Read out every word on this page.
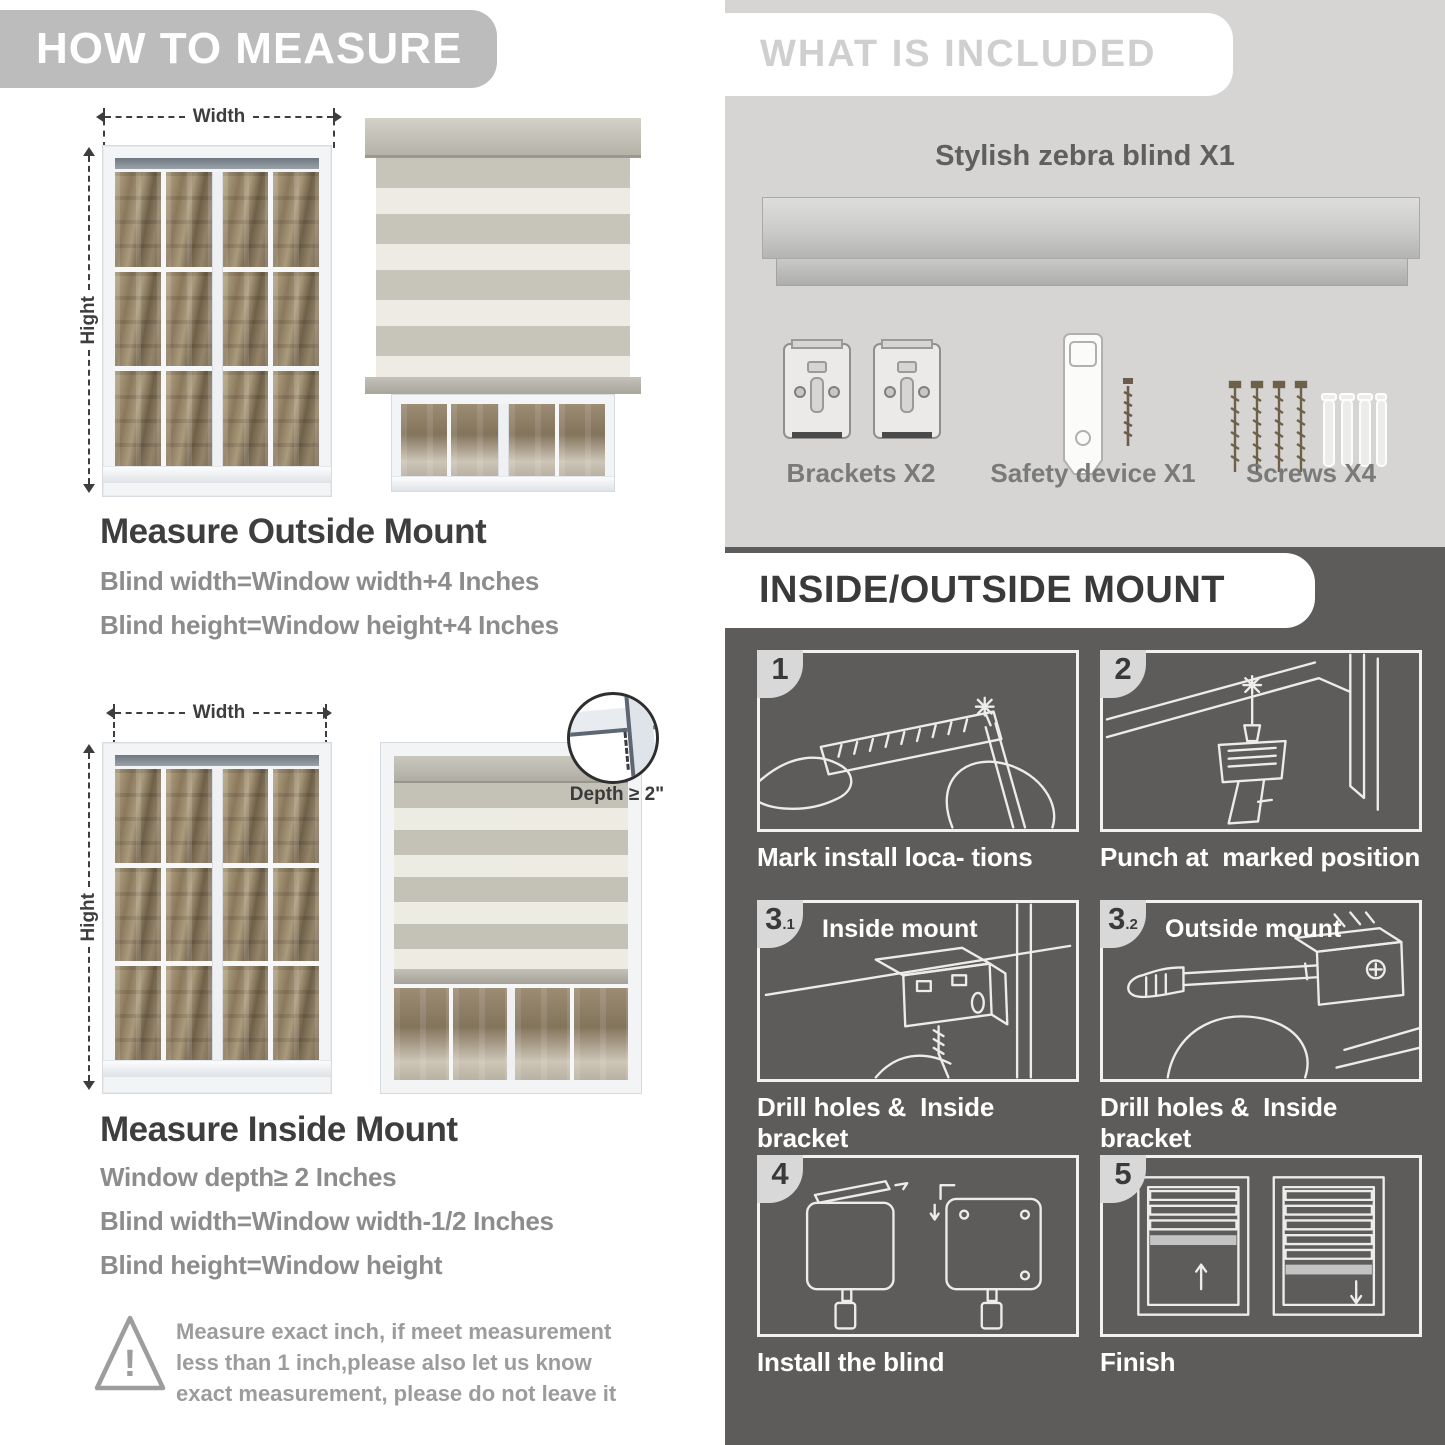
HOW TO MEASURE
Width
Hight
Measure Outside Mount
Blind width=Window width+4 Inches
Blind height=Window height+4 Inches
Width
Hight
Depth ≥ 2"
Measure Inside Mount
Window depth≥ 2 Inches
Blind width=Window width-1/2 Inches
Blind height=Window height
!
Measure exact inch, if meet measurement less than 1 inch,please also let us know exact measurement, please do not leave it
WHAT IS INCLUDED
Stylish zebra blind X1
Brackets X2	Safety device X1	Screws X4
INSIDE/OUTSIDE MOUNT
Mark install loca- tions
1
Punch at  marked position
2
Inside mount
Drill holes &  Inside bracket
3 .1	Outside mount
Drill holes &  Inside bracket
3 .2
Install the blind
4
Finish
5
